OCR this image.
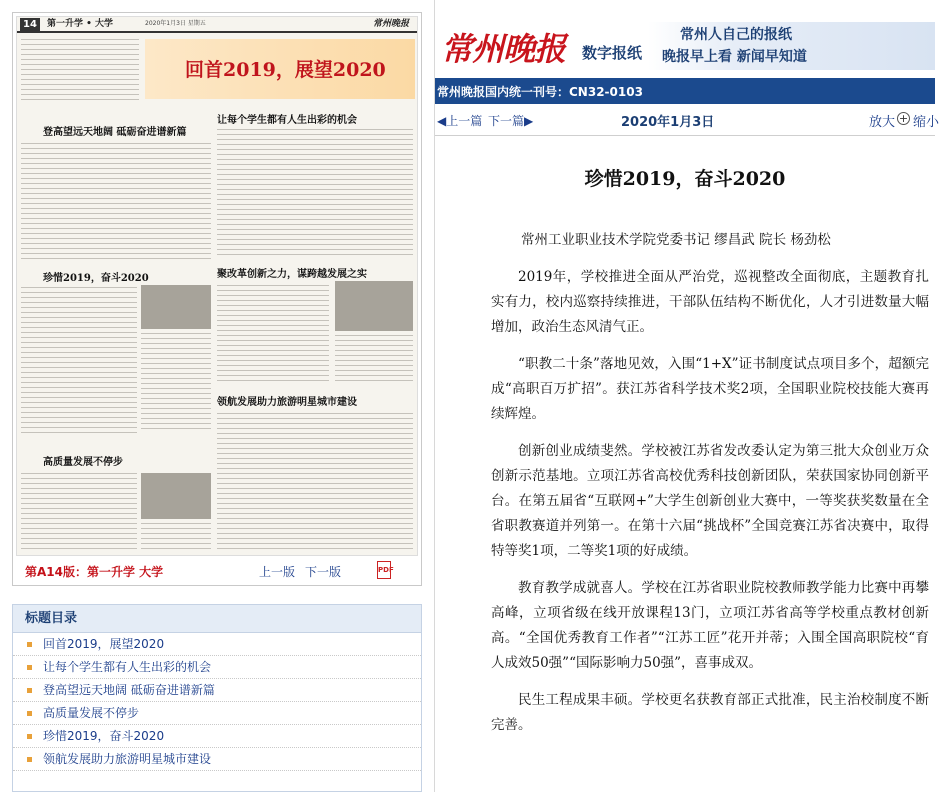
14	第一升学 • 大学	2020年1月3日 星期五	常州晚报
回首2019，展望2020
让每个学生都有人生出彩的机会
登高望远天地阔 砥砺奋进谱新篇
珍惜2019，奋斗2020	聚改革创新之力，谋跨越发展之实
领航发展助力旅游明星城市建设
高质量发展不停步
第A14版：第一升学 大学	上一版 下一版	PDF
标题目录
回首2019，展望2020
让每个学生都有人生出彩的机会
登高望远天地阔 砥砺奋进谱新篇
高质量发展不停步
珍惜2019，奋斗2020
领航发展助力旅游明星城市建设
常州晚报 数字报纸
常州人自己的报纸
晚报早上看 新闻早知道
常州晚报国内统一刊号：CN32-0103
◀上一篇 下一篇▶	2020年1月3日	放大 + 缩小
珍惜2019，奋斗2020

常州工业职业技术学院党委书记 缪昌武 院长 杨劲松

2019年，学校推进全面从严治党，巡视整改全面彻底，主题教育扎实有力，校内巡察持续推进，干部队伍结构不断优化，人才引进数量大幅增加，政治生态风清气正。

“职教二十条”落地见效，入围“1+X”证书制度试点项目多个，超额完成“高职百万扩招”。获江苏省科学技术奖2项，全国职业院校技能大赛再续辉煌。

创新创业成绩斐然。学校被江苏省发改委认定为第三批大众创业万众创新示范基地。立项江苏省高校优秀科技创新团队，荣获国家协同创新平台。在第五届省“互联网+”大学生创新创业大赛中，一等奖获奖数量在全省职教赛道并列第一。在第十六届“挑战杯”全国竞赛江苏省决赛中，取得特等奖1项，二等奖1项的好成绩。

教育教学成就喜人。学校在江苏省职业院校教师教学能力比赛中再攀高峰，立项省级在线开放课程13门，立项江苏省高等学校重点教材创新高。“全国优秀教育工作者”“江苏工匠”花开并蒂；入围全国高职院校“育人成效50强”“国际影响力50强”，喜事成双。

民生工程成果丰硕。学校更名获教育部正式批准，民主治校制度不断完善。
